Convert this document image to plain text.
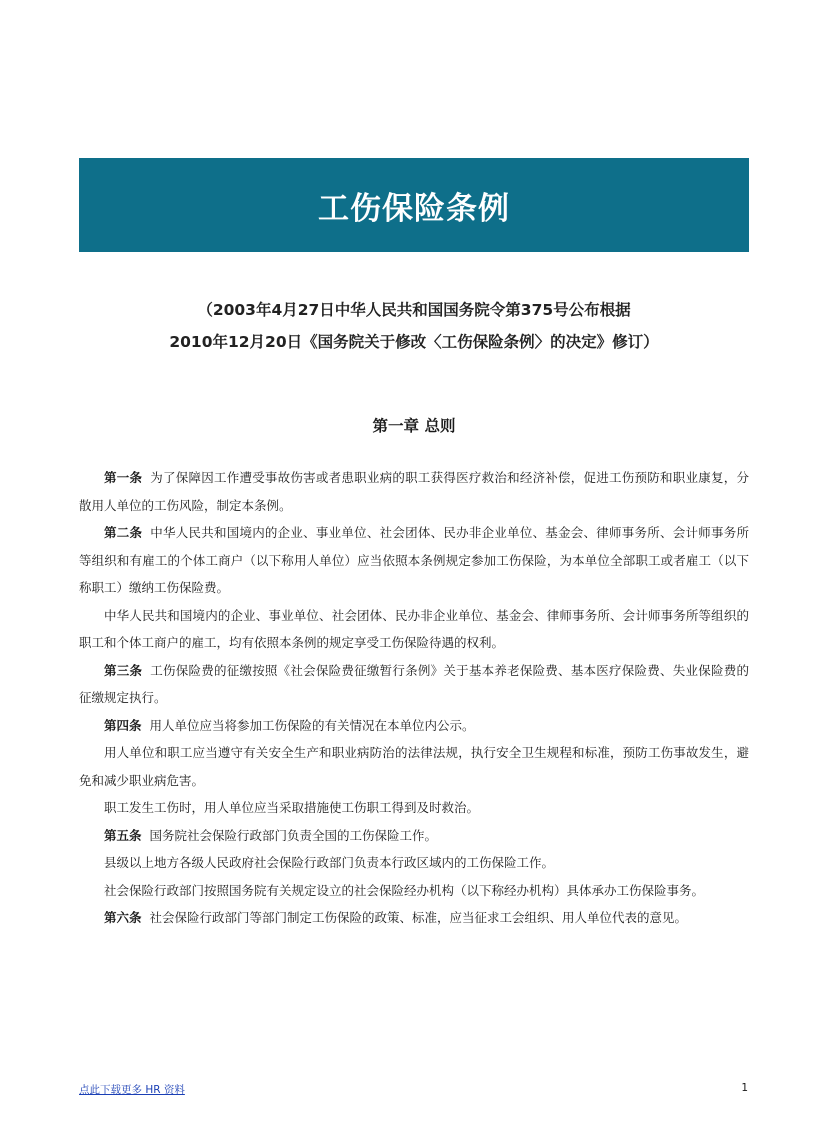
工伤保险条例
（2003年4月27日中华人民共和国国务院令第375号公布根据
2010年12月20日《国务院关于修改〈工伤保险条例〉的决定》修订）
第一章 总则

第一条 为了保障因工作遭受事故伤害或者患职业病的职工获得医疗救治和经济补偿，促进工伤预防和职业康复，分散用人单位的工伤风险，制定本条例。

第二条 中华人民共和国境内的企业、事业单位、社会团体、民办非企业单位、基金会、律师事务所、会计师事务所等组织和有雇工的个体工商户（以下称用人单位）应当依照本条例规定参加工伤保险，为本单位全部职工或者雇工（以下称职工）缴纳工伤保险费。

中华人民共和国境内的企业、事业单位、社会团体、民办非企业单位、基金会、律师事务所、会计师事务所等组织的职工和个体工商户的雇工，均有依照本条例的规定享受工伤保险待遇的权利。

第三条 工伤保险费的征缴按照《社会保险费征缴暂行条例》关于基本养老保险费、基本医疗保险费、失业保险费的征缴规定执行。

第四条 用人单位应当将参加工伤保险的有关情况在本单位内公示。

用人单位和职工应当遵守有关安全生产和职业病防治的法律法规，执行安全卫生规程和标准，预防工伤事故发生，避免和减少职业病危害。

职工发生工伤时，用人单位应当采取措施使工伤职工得到及时救治。

第五条 国务院社会保险行政部门负责全国的工伤保险工作。

县级以上地方各级人民政府社会保险行政部门负责本行政区域内的工伤保险工作。

社会保险行政部门按照国务院有关规定设立的社会保险经办机构（以下称经办机构）具体承办工伤保险事务。

第六条 社会保险行政部门等部门制定工伤保险的政策、标准，应当征求工会组织、用人单位代表的意见。

点此下载更多 HR 资料	1
